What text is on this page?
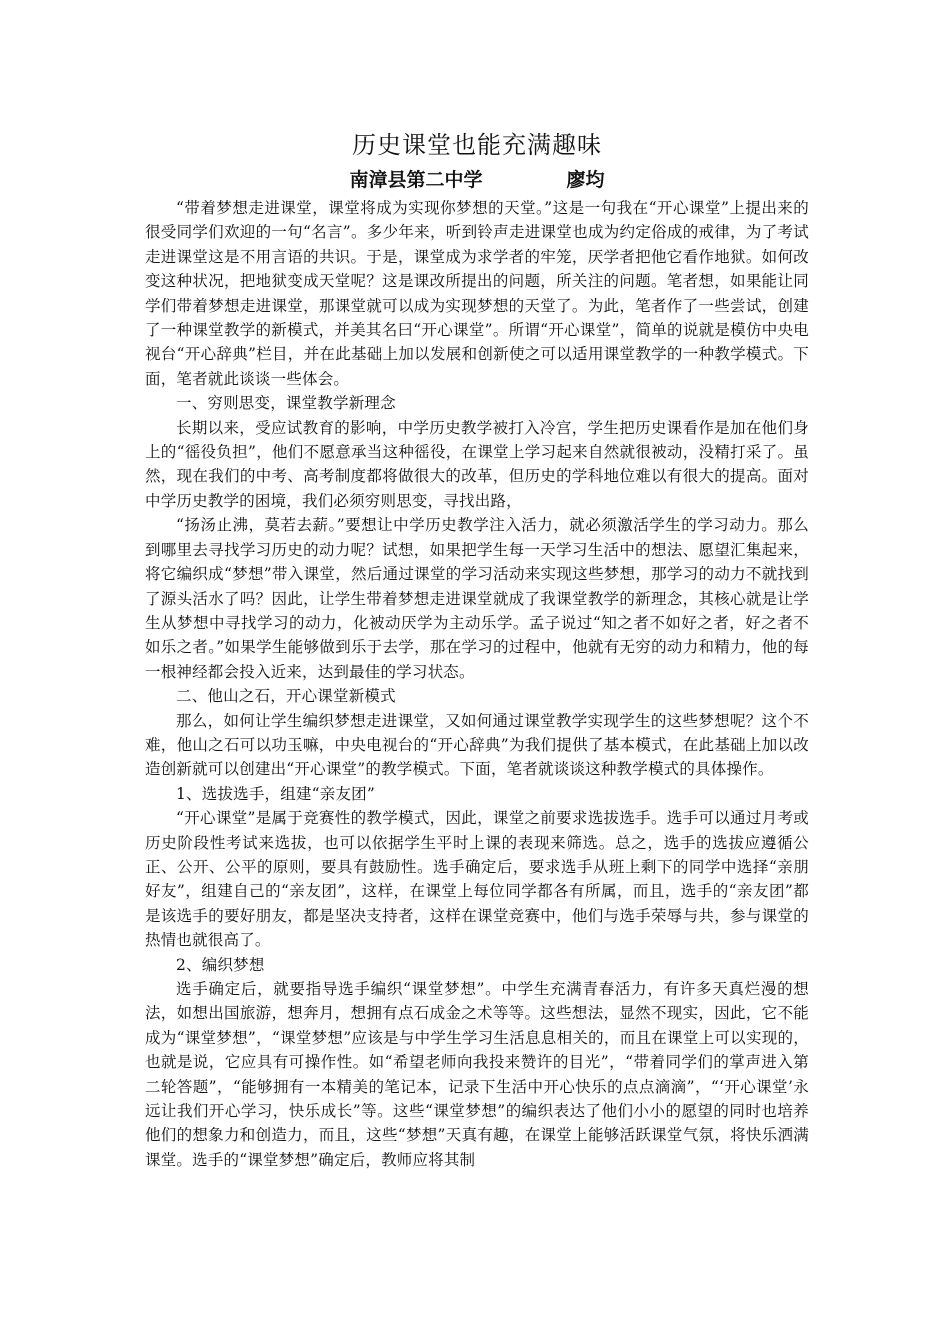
历史课堂也能充满趣味
南漳县第二中学	廖均

“带着梦想走进课堂，课堂将成为实现你梦想的天堂。”这是一句我在“开心课堂”上提出来的很受同学们欢迎的一句“名言”。多少年来，听到铃声走进课堂也成为约定俗成的戒律，为了考试走进课堂这是不用言语的共识。于是，课堂成为求学者的牢笼，厌学者把他它看作地狱。如何改变这种状况，把地狱变成天堂呢？这是课改所提出的问题，所关注的问题。笔者想，如果能让同学们带着梦想走进课堂，那课堂就可以成为实现梦想的天堂了。为此，笔者作了一些尝试，创建了一种课堂教学的新模式，并美其名曰“开心课堂”。所谓“开心课堂”，简单的说就是模仿中央电视台“开心辞典”栏目，并在此基础上加以发展和创新使之可以适用课堂教学的一种教学模式。下面，笔者就此谈谈一些体会。

一、穷则思变，课堂教学新理念

长期以来，受应试教育的影响，中学历史教学被打入冷宫，学生把历史课看作是加在他们身上的“徭役负担”，他们不愿意承当这种徭役，在课堂上学习起来自然就很被动，没精打采了。虽然，现在我们的中考、高考制度都将做很大的改革，但历史的学科地位难以有很大的提高。面对中学历史教学的困境，我们必须穷则思变，寻找出路，

“扬汤止沸，莫若去薪。”要想让中学历史教学注入活力，就必须激活学生的学习动力。那么到哪里去寻找学习历史的动力呢？试想，如果把学生每一天学习生活中的想法、愿望汇集起来，将它编织成“梦想”带入课堂，然后通过课堂的学习活动来实现这些梦想，那学习的动力不就找到了源头活水了吗？因此，让学生带着梦想走进课堂就成了我课堂教学的新理念，其核心就是让学生从梦想中寻找学习的动力，化被动厌学为主动乐学。孟子说过“知之者不如好之者，好之者不如乐之者。”如果学生能够做到乐于去学，那在学习的过程中，他就有无穷的动力和精力，他的每一根神经都会投入近来，达到最佳的学习状态。

二、他山之石，开心课堂新模式

那么，如何让学生编织梦想走进课堂，又如何通过课堂教学实现学生的这些梦想呢？这个不难，他山之石可以功玉嘛，中央电视台的“开心辞典”为我们提供了基本模式，在此基础上加以改造创新就可以创建出“开心课堂”的教学模式。下面，笔者就谈谈这种教学模式的具体操作。

1、选拔选手，组建“亲友团”

“开心课堂”是属于竞赛性的教学模式，因此，课堂之前要求选拔选手。选手可以通过月考或历史阶段性考试来选拔，也可以依据学生平时上课的表现来筛选。总之，选手的选拔应遵循公正、公开、公平的原则，要具有鼓励性。选手确定后，要求选手从班上剩下的同学中选择“亲朋好友”，组建自己的“亲友团”，这样，在课堂上每位同学都各有所属，而且，选手的“亲友团”都是该选手的要好朋友，都是坚决支持者，这样在课堂竞赛中，他们与选手荣辱与共，参与课堂的热情也就很高了。

2、编织梦想

选手确定后，就要指导选手编织“课堂梦想”。中学生充满青春活力，有许多天真烂漫的想法，如想出国旅游，想奔月，想拥有点石成金之术等等。这些想法，显然不现实，因此，它不能成为“课堂梦想”，“课堂梦想”应该是与中学生学习生活息息相关的，而且在课堂上可以实现的，也就是说，它应具有可操作性。如“希望老师向我投来赞许的目光”，“带着同学们的掌声进入第二轮答题”，“能够拥有一本精美的笔记本，记录下生活中开心快乐的点点滴滴”，“‘开心课堂’永远让我们开心学习，快乐成长”等。这些“课堂梦想”的编织表达了他们小小的愿望的同时也培养他们的想象力和创造力，而且，这些“梦想”天真有趣，在课堂上能够活跃课堂气氛，将快乐洒满课堂。选手的“课堂梦想”确定后，教师应将其制
